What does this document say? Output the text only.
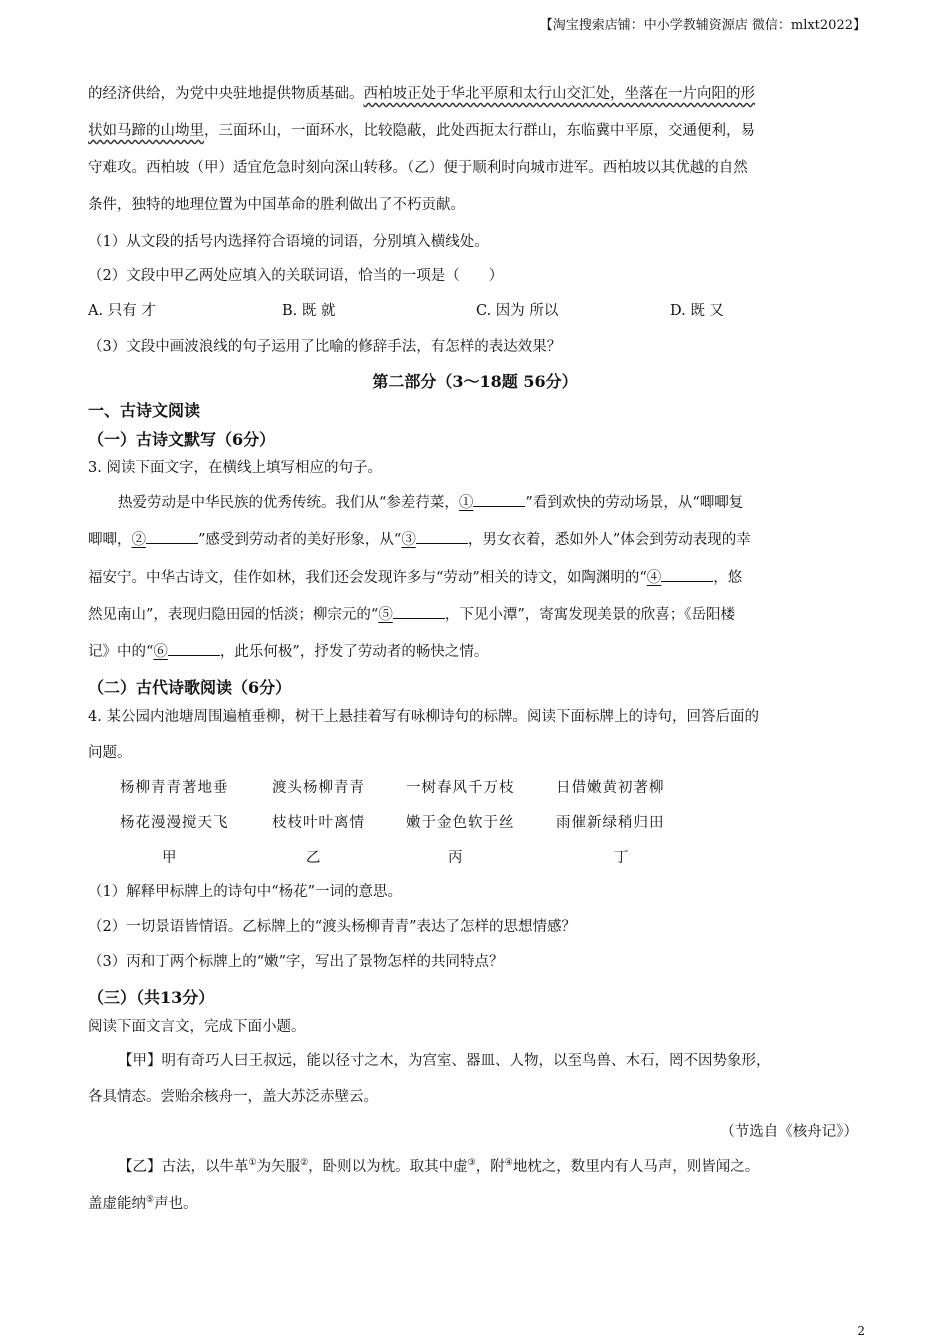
【淘宝搜索店铺：中小学教辅资源店 微信：mlxt2022】
的经济供给，为党中央驻地提供物质基础。西柏坡正处于华北平原和太行山交汇处，坐落在一片向阳的形
状如马蹄的山坳里，三面环山，一面环水，比较隐蔽，此处西扼太行群山，东临冀中平原，交通便利，易
守难攻。西柏坡（甲）适宜危急时刻向深山转移。（乙）便于顺利时向城市进军。西柏坡以其优越的自然
条件，独特的地理位置为中国革命的胜利做出了不朽贡献。
（1）从文段的括号内选择符合语境的词语，分别填入横线处。
（2）文段中甲乙两处应填入的关联词语，恰当的一项是（　　）
A. 只有 才	B. 既 就	C. 因为 所以	D. 既 又
（3）文段中画波浪线的句子运用了比喻的修辞手法，有怎样的表达效果？
第二部分（3～18题 56分）
一、古诗文阅读
（一）古诗文默写（6分）
3. 阅读下面文字，在横线上填写相应的句子。
热爱劳动是中华民族的优秀传统。我们从“参差荇菜，①	”看到欢快的劳动场景，从“唧唧复
唧唧，②	”感受到劳动者的美好形象，从“③	，男女衣着，悉如外人”体会到劳动表现的幸
福安宁。中华古诗文，佳作如林，我们还会发现许多与“劳动”相关的诗文，如陶渊明的“④	，悠
然见南山”，表现归隐田园的恬淡；柳宗元的“⑤	，下见小潭”，寄寓发现美景的欣喜；《岳阳楼
记》中的“⑥	，此乐何极”，抒发了劳动者的畅快之情。
（二）古代诗歌阅读（6分）
4. 某公园内池塘周围遍植垂柳，树干上悬挂着写有咏柳诗句的标牌。阅读下面标牌上的诗句，回答后面的
问题。
杨柳青青著地垂
杨花漫漫搅天飞
甲
渡头杨柳青青
枝枝叶叶离情
乙
一树春风千万枝
嫩于金色软于丝
丙
日借嫩黄初著柳
雨催新绿稍归田
丁
（1）解释甲标牌上的诗句中“杨花”一词的意思。
（2）一切景语皆情语。乙标牌上的“渡头杨柳青青”表达了怎样的思想情感？
（3）丙和丁两个标牌上的“嫩”字，写出了景物怎样的共同特点？
（三）（共13分）
阅读下面文言文，完成下面小题。
【甲】明有奇巧人曰王叔远，能以径寸之木，为宫室、器皿、人物，以至鸟兽、木石，罔不因势象形，
各具情态。尝贻余核舟一，盖大苏泛赤壁云。
（节选自《核舟记》）
【乙】古法，以牛革①为矢服②，卧则以为枕。取其中虚③，附④地枕之，数里内有人马声，则皆闻之。
盖虚能纳⑤声也。
2
